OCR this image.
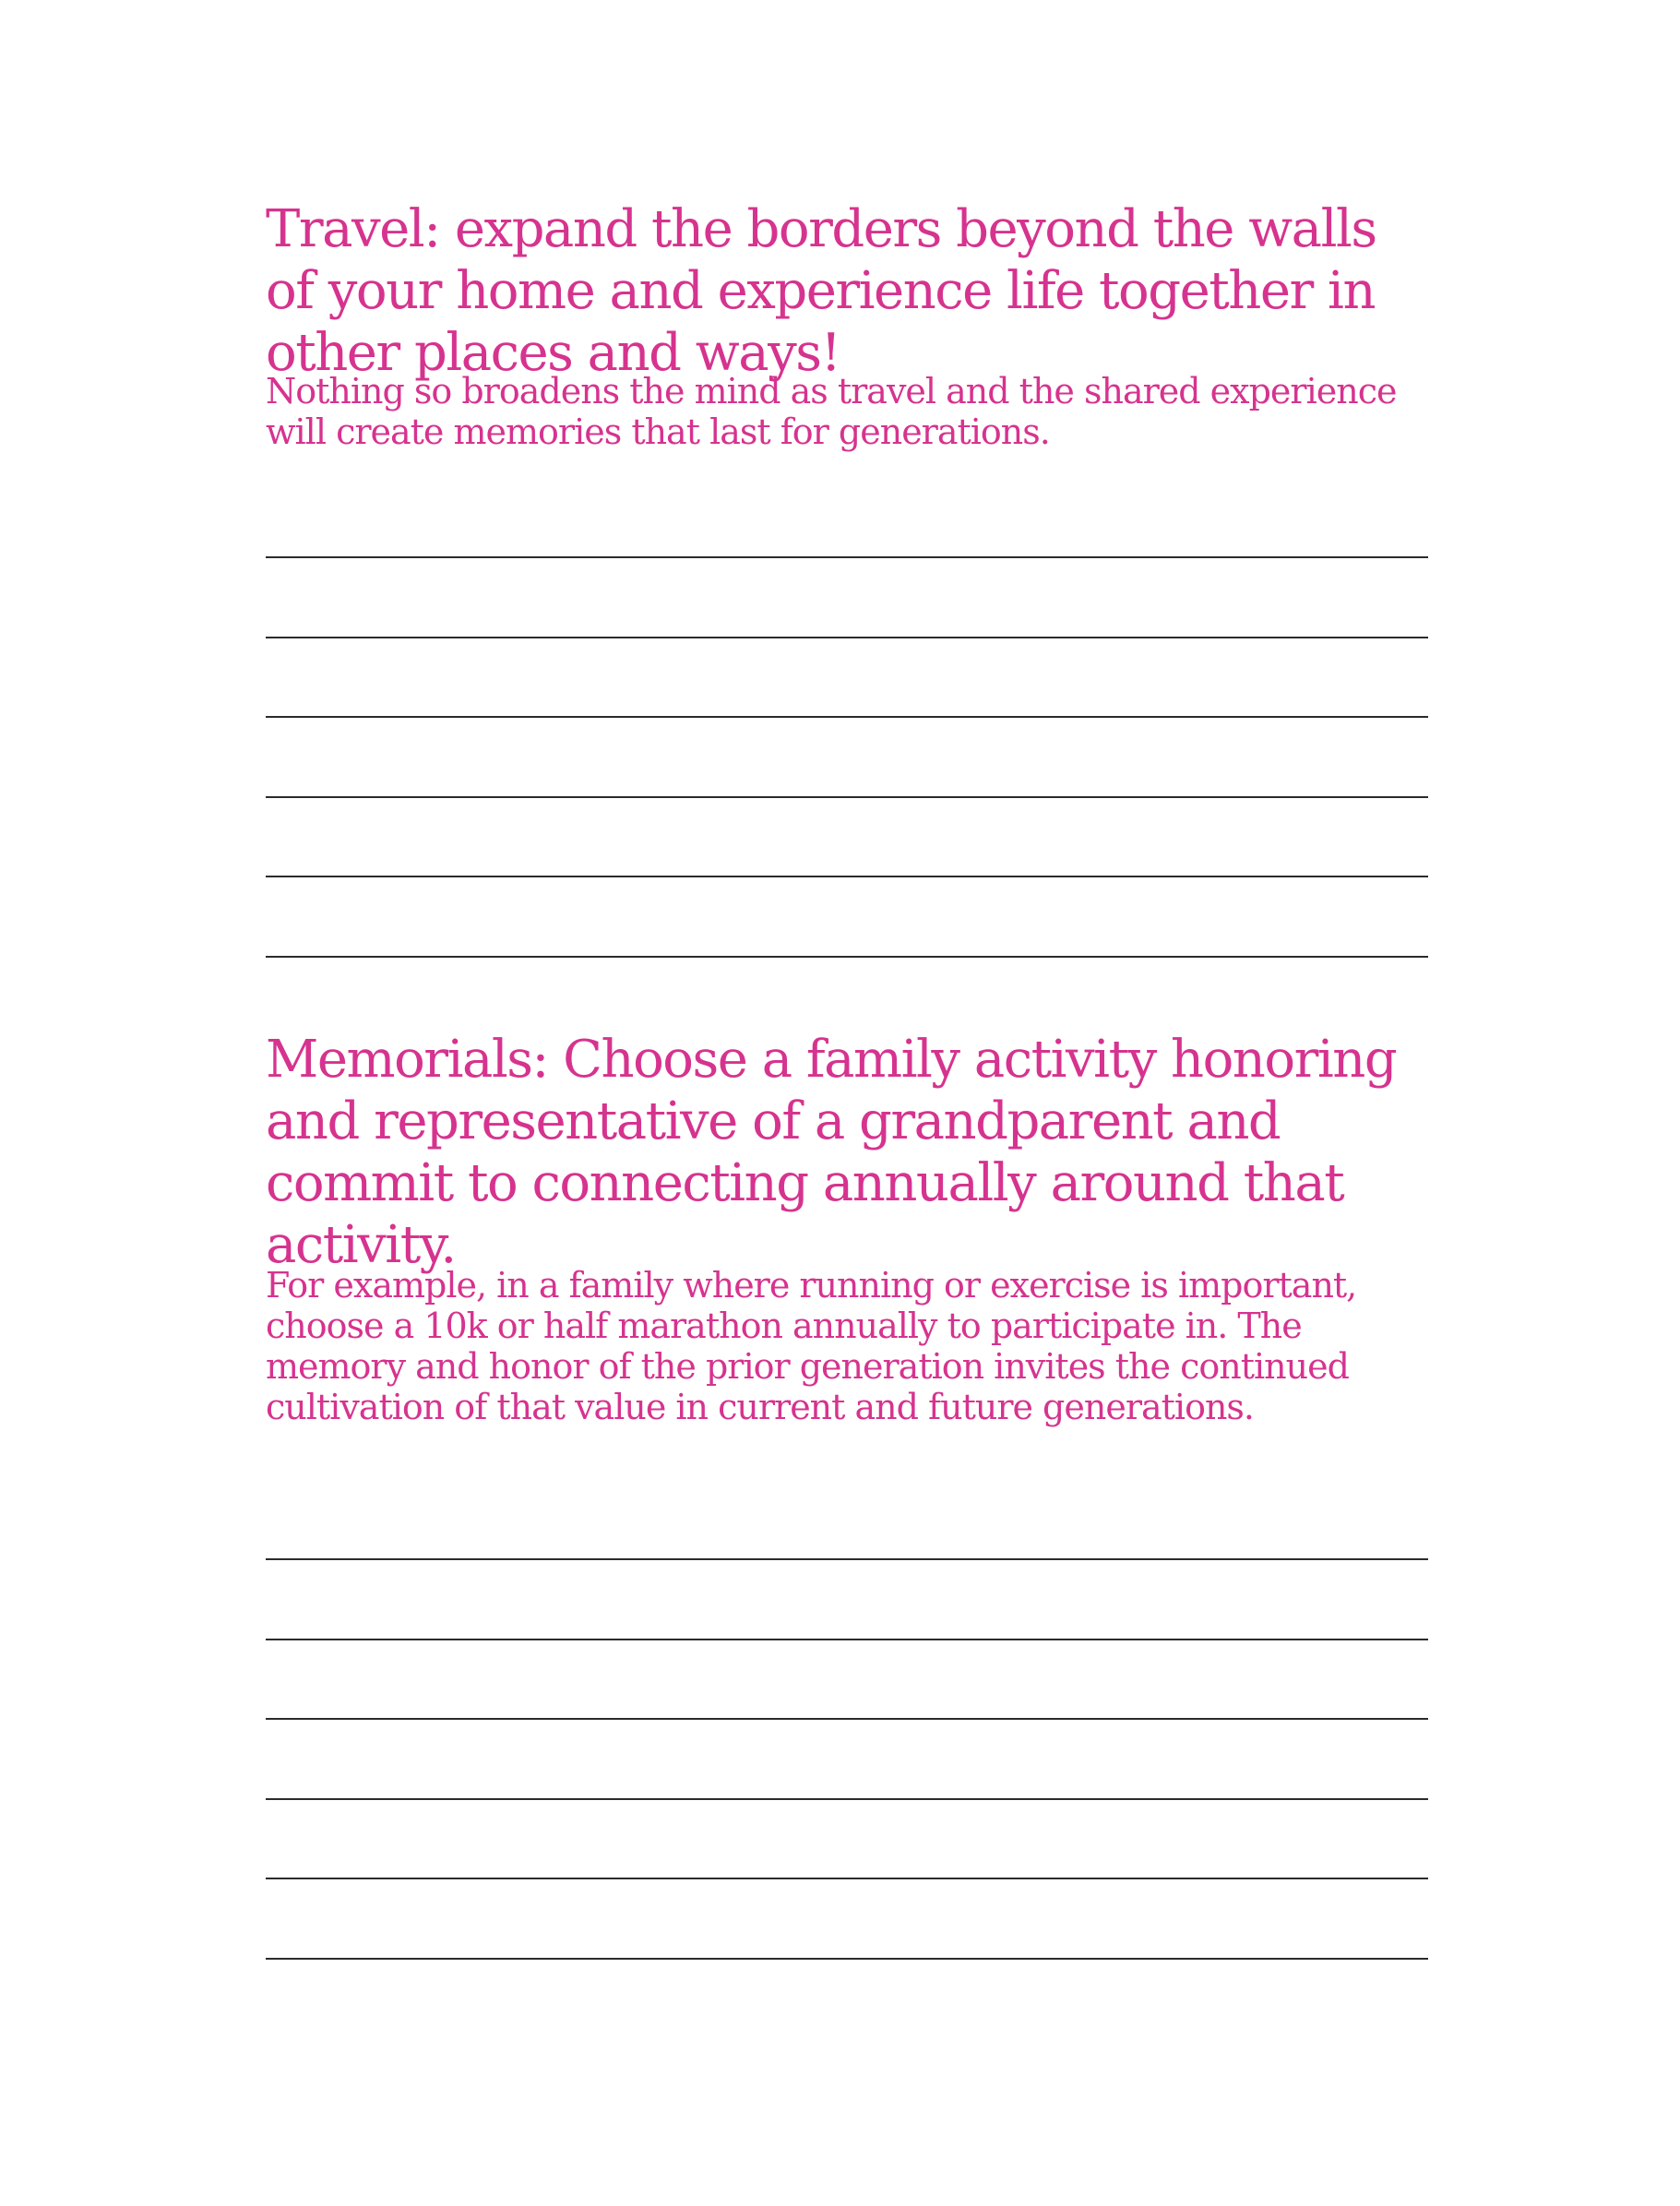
Travel: expand the borders beyond the walls of your home and experience life together in other places and ways!

Nothing so broadens the mind as travel and the shared experience will create memories that last for generations.

Memorials: Choose a family activity honoring and representative of a grandparent and commit to connecting annually around that activity.

For example, in a family where running or exercise is important, choose a 10k or half marathon annually to participate in. The memory and honor of the prior generation invites the continued cultivation of that value in current and future generations.
